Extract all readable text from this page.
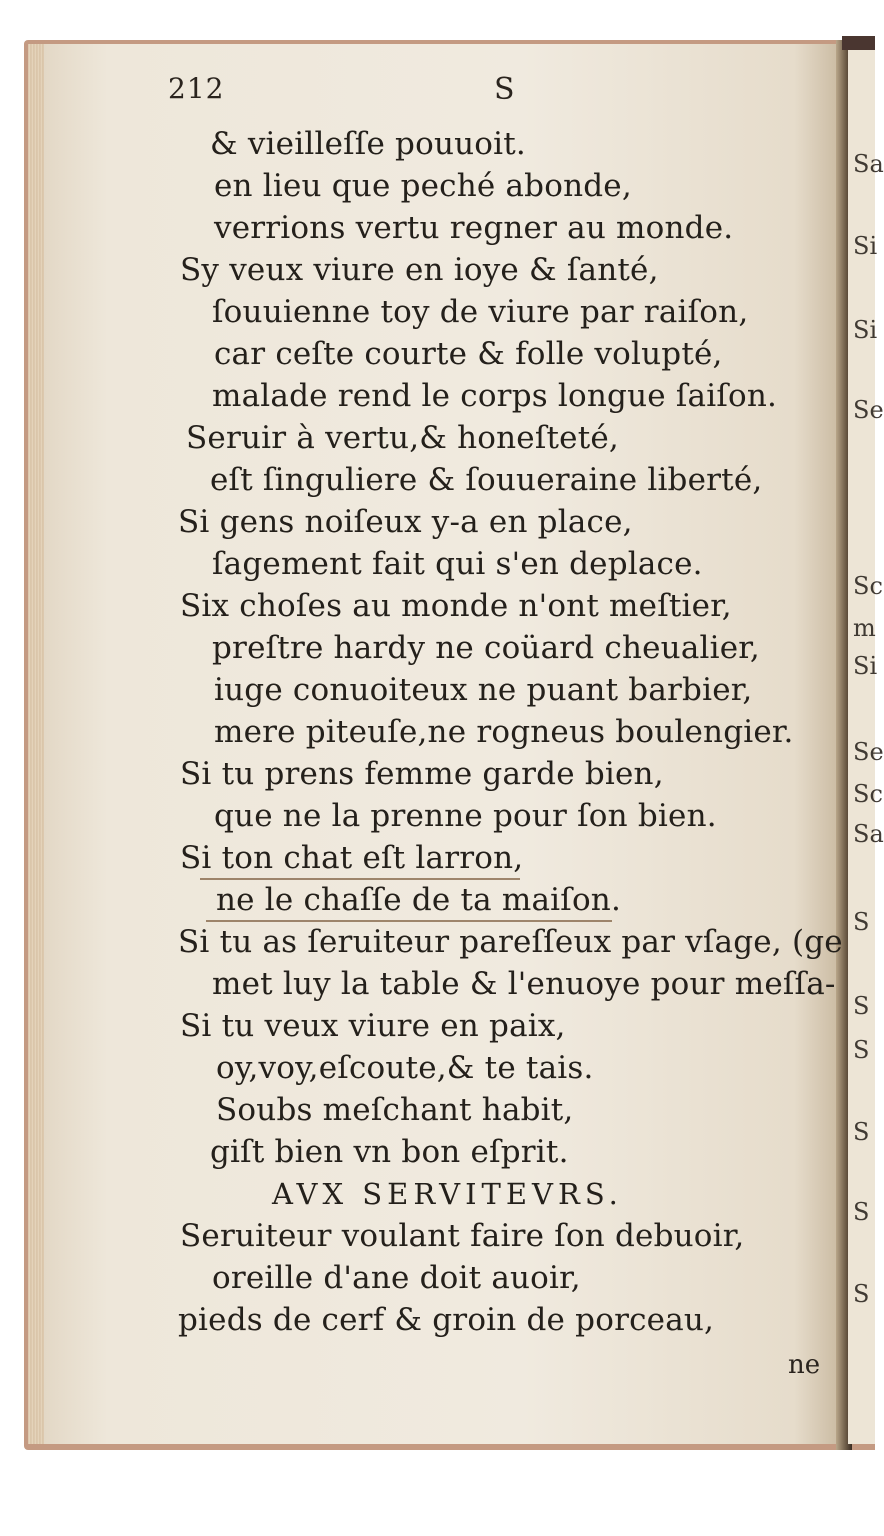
212	S
& vieilleſſe pouuoit.
en lieu que peché abonde,
verrions vertu regner au monde.
Sy veux viure en ioye & ſanté,
ſouuienne toy de viure par raiſon,
car ceſte courte & folle volupté,
malade rend le corps longue ſaiſon.
Seruir à vertu,& honeſteté,
eſt ſinguliere & ſouueraine liberté,
Si gens noiſeux y-a en place,
ſagement fait qui s'en deplace.
Six choſes au monde n'ont meſtier,
preſtre hardy ne coüard cheualier,
iuge conuoiteux ne puant barbier,
mere piteuſe,ne rogneus boulengier.
Si tu prens femme garde bien,
que ne la prenne pour ſon bien.
Si ton chat eſt larron,
ne le chaſſe de ta maiſon.
Si tu as ſeruiteur pareſſeux par vſage, (ge
met luy la table & l'enuoye pour meſſa-
Si tu veux viure en paix,
oy,voy,eſcoute,& te tais.
Soubs meſchant habit,
giſt bien vn bon eſprit.
AVX SERVITEVRS.
Seruiteur voulant faire ſon debuoir,
oreille d'ane doit auoir,
pieds de cerf & groin de porceau,
ne
Sa
Si
Si
Se
Sc
m
Si
Se
Sc
Sa
S
S
S
S
S
S
